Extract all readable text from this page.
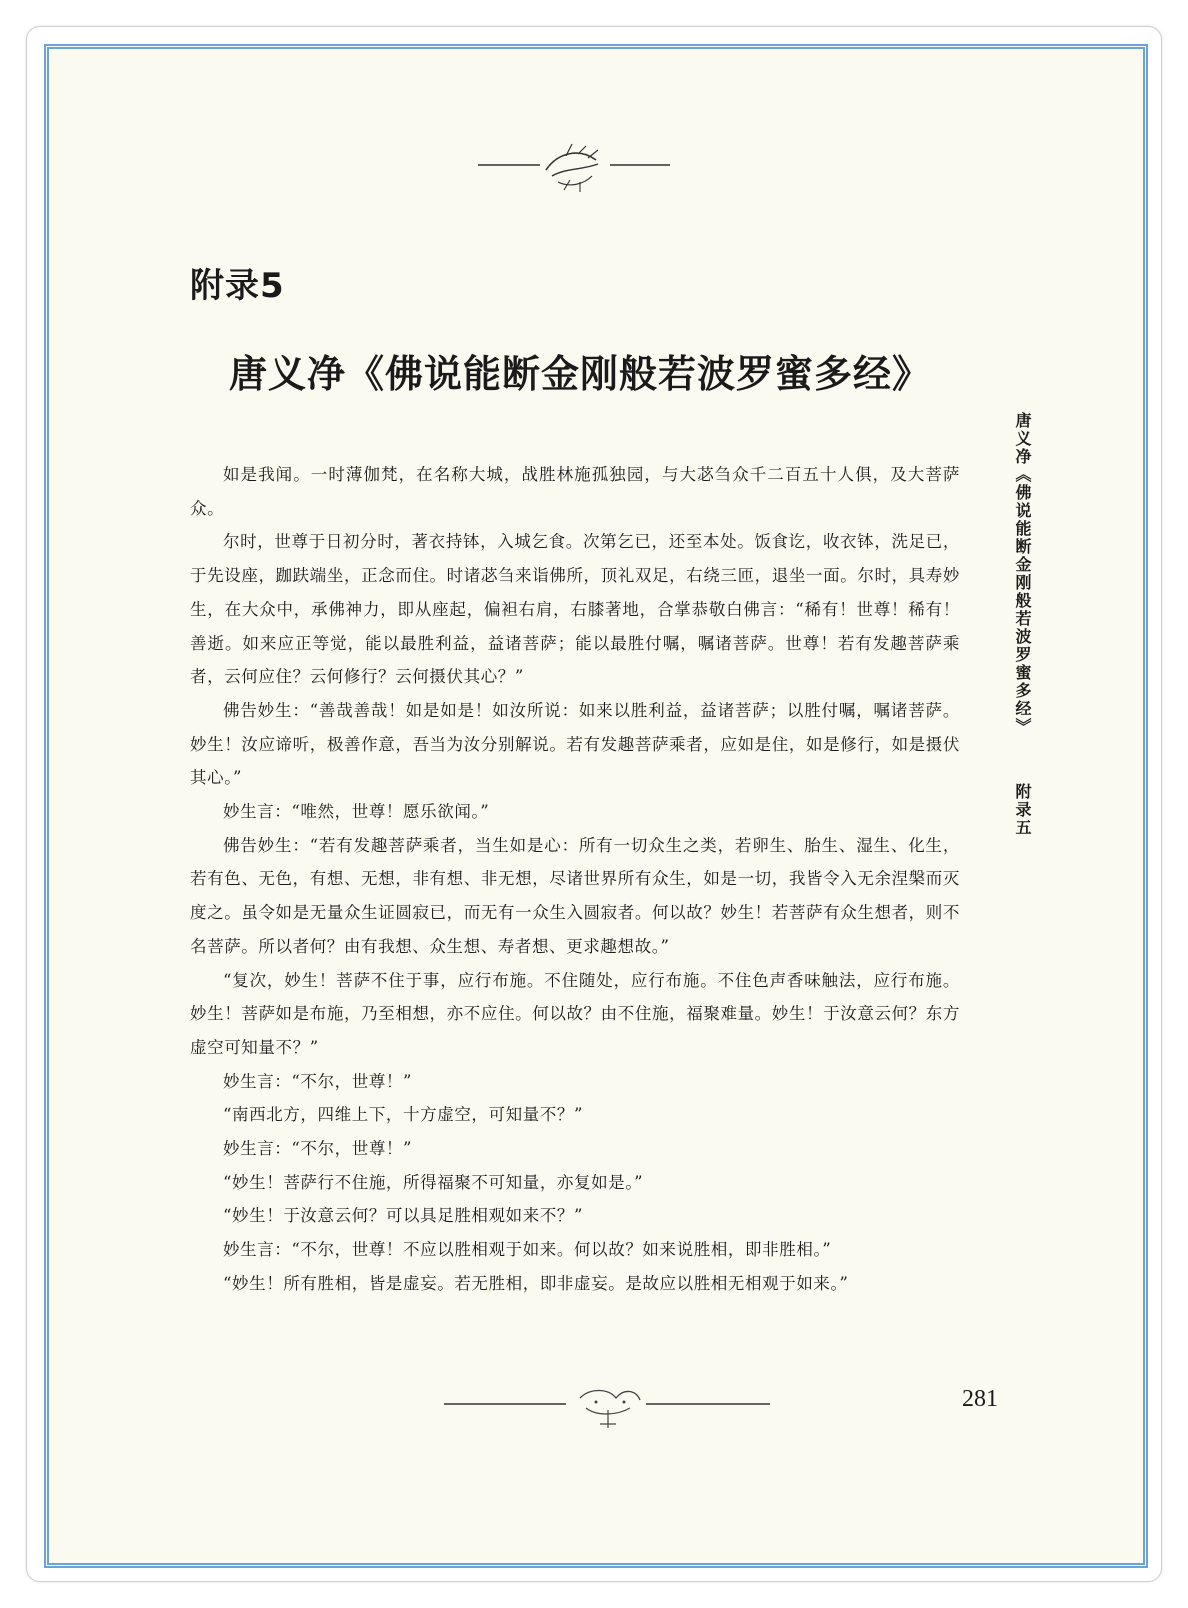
附录5
唐义净《佛说能断金刚般若波罗蜜多经》
唐义净《佛说能断金刚般若波罗蜜多经》  附录五

如是我闻。一时薄伽梵，在名称大城，战胜林施孤独园，与大苾刍众千二百五十人俱，及大菩萨众。

尔时，世尊于日初分时，著衣持钵，入城乞食。次第乞已，还至本处。饭食讫，收衣钵，洗足已，于先设座，跏趺端坐，正念而住。时诸苾刍来诣佛所，顶礼双足，右绕三匝，退坐一面。尔时，具寿妙生，在大众中，承佛神力，即从座起，偏袒右肩，右膝著地，合掌恭敬白佛言：“稀有！世尊！稀有！善逝。如来应正等觉，能以最胜利益，益诸菩萨；能以最胜付嘱，嘱诸菩萨。世尊！若有发趣菩萨乘者，云何应住？云何修行？云何摄伏其心？”

佛告妙生：“善哉善哉！如是如是！如汝所说：如来以胜利益，益诸菩萨；以胜付嘱，嘱诸菩萨。妙生！汝应谛听，极善作意，吾当为汝分别解说。若有发趣菩萨乘者，应如是住，如是修行，如是摄伏其心。”

妙生言：“唯然，世尊！愿乐欲闻。”

佛告妙生：“若有发趣菩萨乘者，当生如是心：所有一切众生之类，若卵生、胎生、湿生、化生，若有色、无色，有想、无想，非有想、非无想，尽诸世界所有众生，如是一切，我皆令入无余涅槃而灭度之。虽令如是无量众生证圆寂已，而无有一众生入圆寂者。何以故？妙生！若菩萨有众生想者，则不名菩萨。所以者何？由有我想、众生想、寿者想、更求趣想故。”

“复次，妙生！菩萨不住于事，应行布施。不住随处，应行布施。不住色声香味触法，应行布施。妙生！菩萨如是布施，乃至相想，亦不应住。何以故？由不住施，福聚难量。妙生！于汝意云何？东方虚空可知量不？”

妙生言：“不尔，世尊！”

“南西北方，四维上下，十方虚空，可知量不？”

妙生言：“不尔，世尊！”

“妙生！菩萨行不住施，所得福聚不可知量，亦复如是。”

“妙生！于汝意云何？可以具足胜相观如来不？”

妙生言：“不尔，世尊！不应以胜相观于如来。何以故？如来说胜相，即非胜相。”

“妙生！所有胜相，皆是虚妄。若无胜相，即非虚妄。是故应以胜相无相观于如来。”

281
